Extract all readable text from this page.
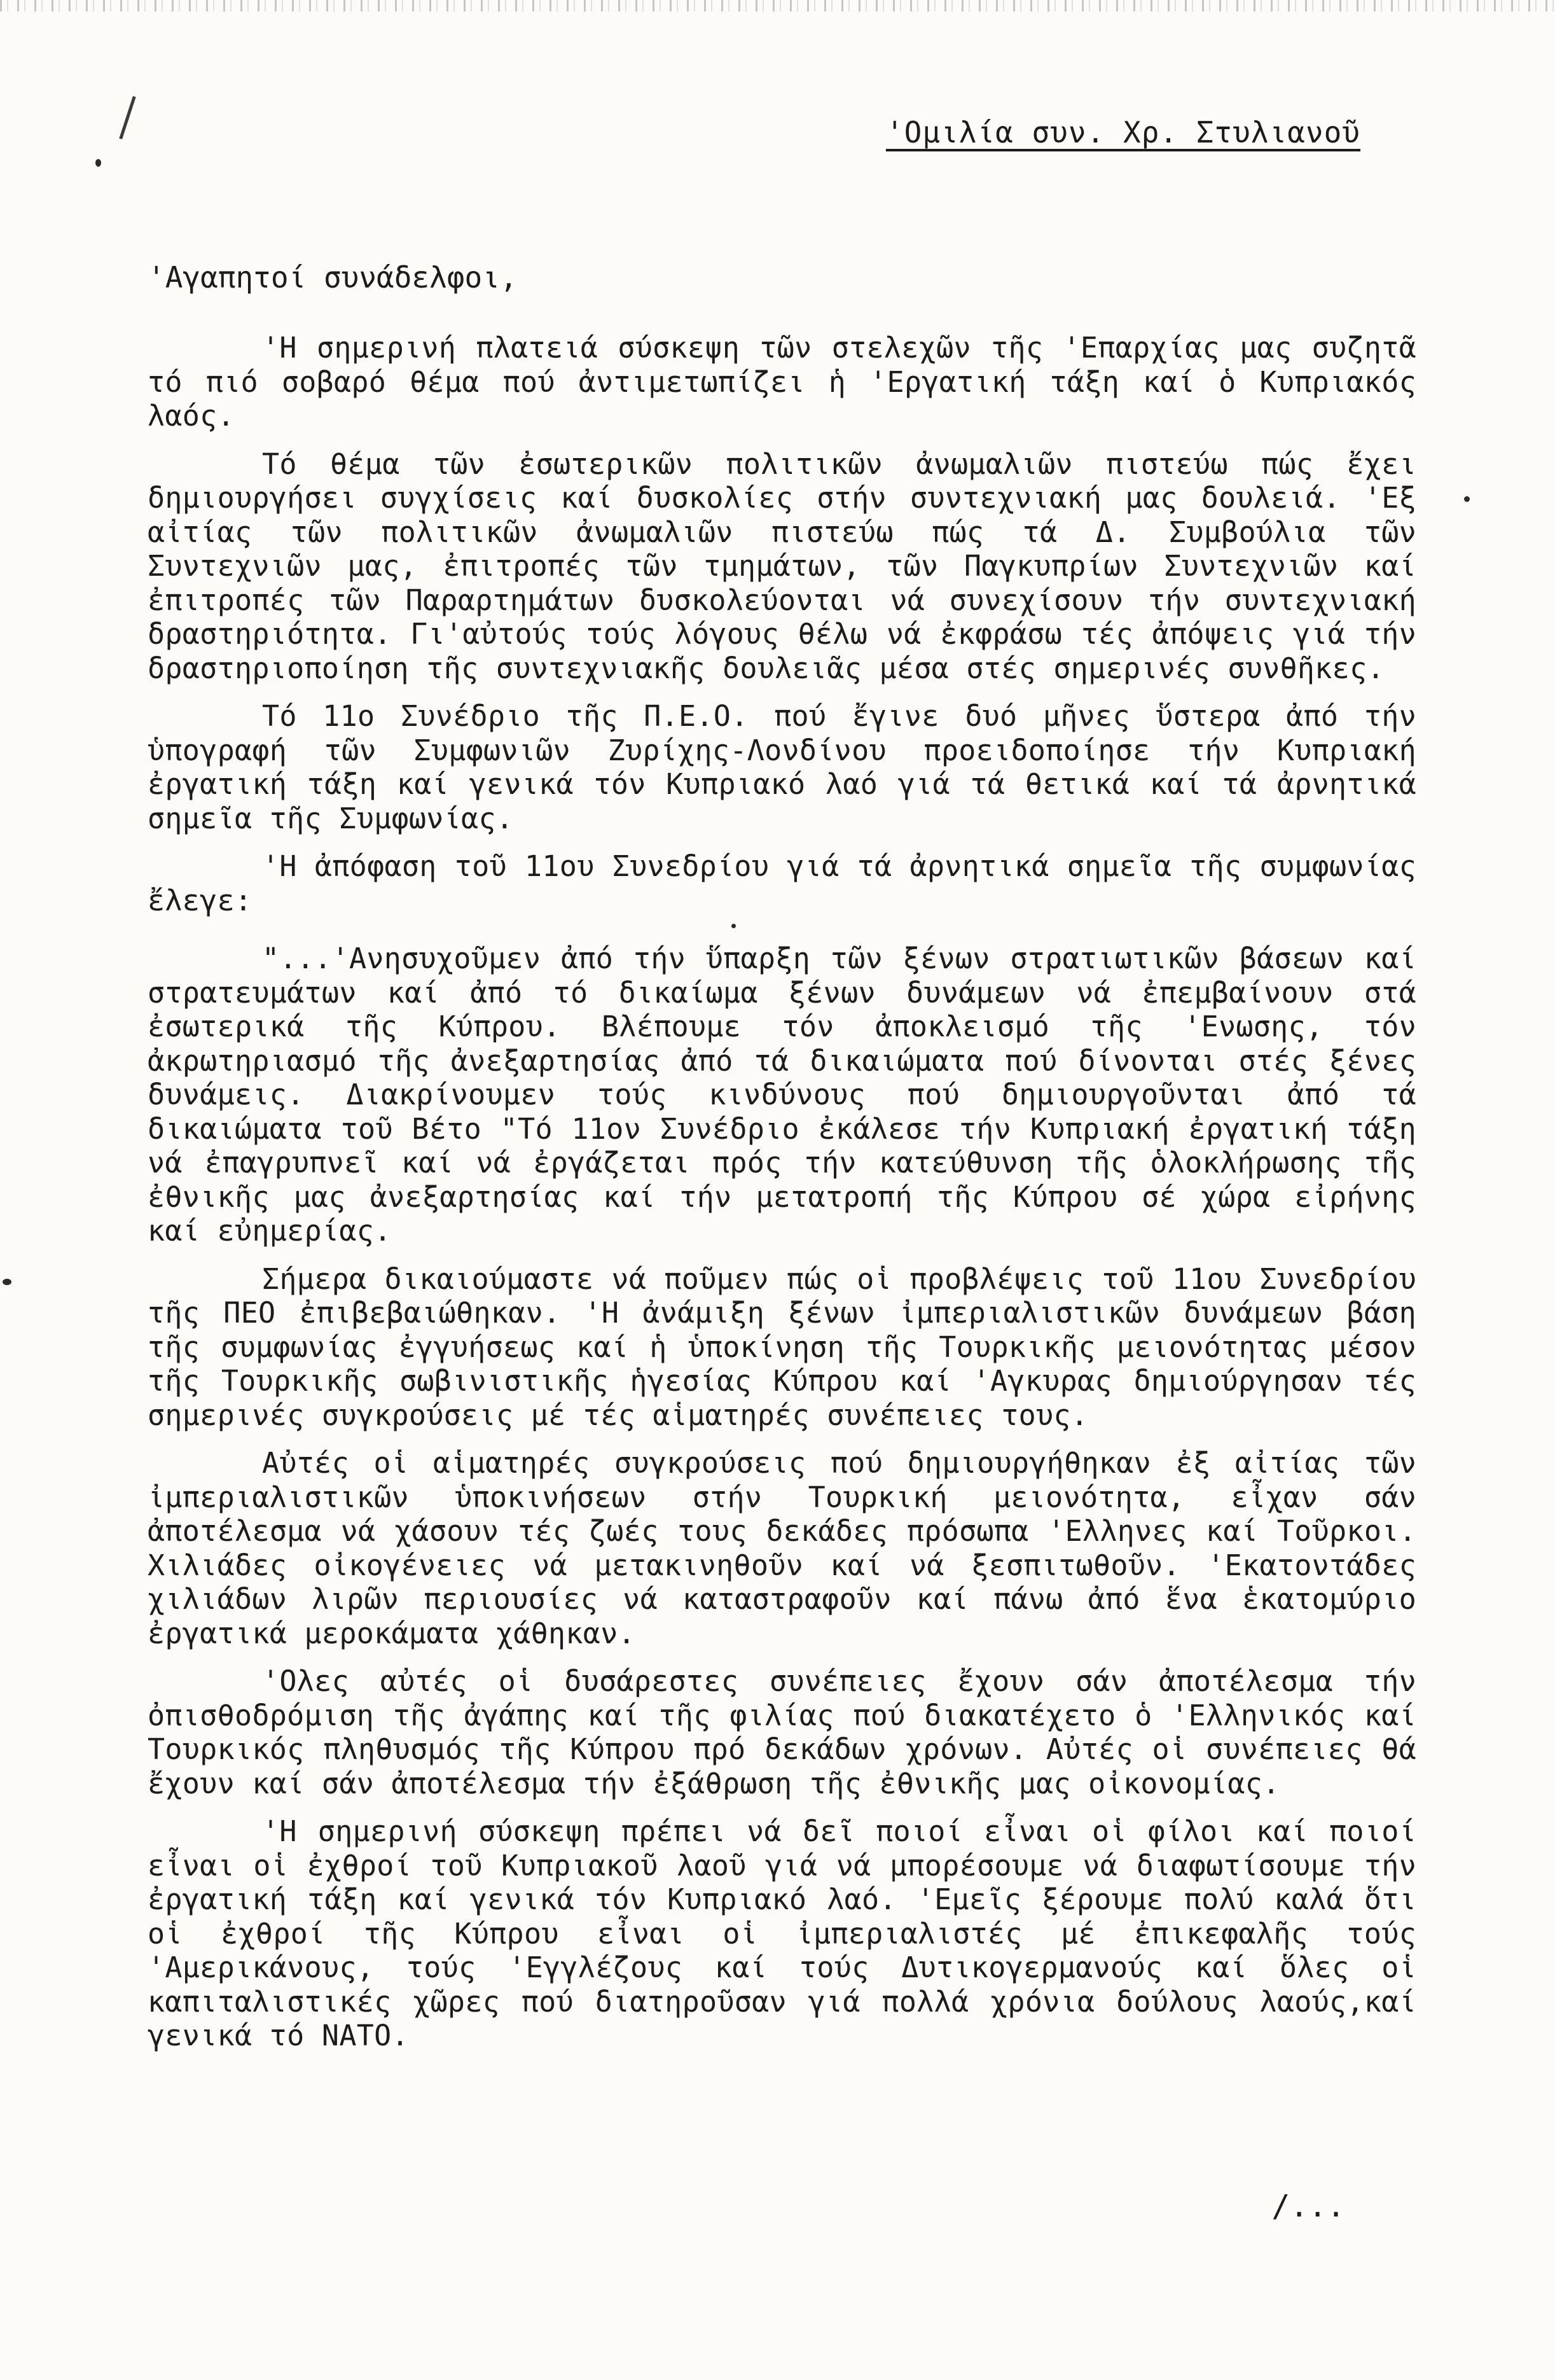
'Ομιλία συν. Χρ. Στυλιανοῦ
'Αγαπητοί συνάδελφοι,

'Η σημερινή πλατειά σύσκεψη τῶν στελεχῶν τῆς 'Επαρχίας μας συζητᾶ τό πιό σοβαρό θέμα πού ἀντιμετωπίζει ἡ 'Εργατική τάξη καί ὁ Κυπριακός λαός.

Τό θέμα τῶν ἐσωτερικῶν πολιτικῶν ἀνωμαλιῶν πιστεύω πώς ἔχει δημιουργήσει συγχίσεις καί δυσκολίες στήν συντεχνιακή μας δουλειά. 'Εξ αἰτίας τῶν πολιτικῶν ἀνωμαλιῶν πιστεύω πώς τά Δ. Συμβούλια τῶν Συντεχνιῶν μας, ἐπιτροπές τῶν τμημάτων, τῶν Παγκυπρίων Συντεχνιῶν καί ἐπιτροπές τῶν Παραρτημάτων δυσκολεύονται νά συνεχίσουν τήν συντεχνιακή δραστηριότητα. Γι'αὐτούς τούς λόγους θέλω νά ἐκφράσω τές ἀπόψεις γιά τήν δραστηριοποίηση τῆς συντεχνιακῆς δουλειᾶς μέσα στές σημερινές συνθῆκες.

Τό 11ο Συνέδριο τῆς Π.Ε.Ο. πού ἔγινε δυό μῆνες ὕστερα ἀπό τήν ὑπογραφή τῶν Συμφωνιῶν Ζυρίχης-Λονδίνου προειδοποίησε τήν Κυπριακή ἐργατική τάξη καί γενικά τόν Κυπριακό λαό γιά τά θετικά καί τά ἀρνητικά σημεῖα τῆς Συμφωνίας.

'Η ἀπόφαση τοῦ 11ου Συνεδρίου γιά τά ἀρνητικά σημεῖα τῆς συμφωνίας ἔλεγε:

"...'Ανησυχοῦμεν ἀπό τήν ὕπαρξη τῶν ξένων στρατιωτικῶν βάσεων καί στρατευμάτων καί ἀπό τό δικαίωμα ξένων δυνάμεων νά ἐπεμβαίνουν στά ἐσωτερικά τῆς Κύπρου. Βλέπουμε τόν ἀποκλεισμό τῆς 'Ενωσης, τόν ἀκρωτηριασμό τῆς ἀνεξαρτησίας ἀπό τά δικαιώματα πού δίνονται στές ξένες δυνάμεις. Διακρίνουμεν τούς κινδύνους πού δημιουργοῦνται ἀπό τά δικαιώματα τοῦ Βέτο "Τό 11ον Συνέδριο ἐκάλεσε τήν Κυπριακή ἐργατική τάξη νά ἐπαγρυπνεῖ καί νά ἐργάζεται πρός τήν κατεύθυνση τῆς ὁλοκλήρωσης τῆς ἐθνικῆς μας ἀνεξαρτησίας καί τήν μετατροπή τῆς Κύπρου σέ χώρα εἰρήνης καί εὐημερίας.

Σήμερα δικαιούμαστε νά ποῦμεν πώς οἱ προβλέψεις τοῦ 11ου Συνεδρίου τῆς ΠΕΟ ἐπιβεβαιώθηκαν. 'Η ἀνάμιξη ξένων ἰμπεριαλιστικῶν δυνάμεων βάση τῆς συμφωνίας ἐγγυήσεως καί ἡ ὑποκίνηση τῆς Τουρκικῆς μειονότητας μέσον τῆς Τουρκικῆς σωβινιστικῆς ἡγεσίας Κύπρου καί 'Αγκυρας δημιούργησαν τές σημερινές συγκρούσεις μέ τές αἱματηρές συνέπειες τους.

Αὐτές οἱ αἱματηρές συγκρούσεις πού δημιουργήθηκαν ἐξ αἰτίας τῶν ἰμπεριαλιστικῶν ὑποκινήσεων στήν Τουρκική μειονότητα, εἶχαν σάν ἀποτέλεσμα νά χάσουν τές ζωές τους δεκάδες πρόσωπα 'Ελληνες καί Τοῦρκοι. Χιλιάδες οἰκογένειες νά μετακινηθοῦν καί νά ξεσπιτωθοῦν. 'Εκατοντάδες χιλιάδων λιρῶν περιουσίες νά καταστραφοῦν καί πάνω ἀπό ἕνα ἑκατομύριο ἐργατικά μεροκάματα χάθηκαν.

'Ολες αὐτές οἱ δυσάρεστες συνέπειες ἔχουν σάν ἀποτέλεσμα τήν ὀπισθοδρόμιση τῆς ἀγάπης καί τῆς φιλίας πού διακατέχετο ὁ 'Ελληνικός καί Τουρκικός πληθυσμός τῆς Κύπρου πρό δεκάδων χρόνων. Αὐτές οἱ συνέπειες θά ἔχουν καί σάν ἀποτέλεσμα τήν ἐξάθρωση τῆς ἐθνικῆς μας οἰκονομίας.

'Η σημερινή σύσκεψη πρέπει νά δεῖ ποιοί εἶναι οἱ φίλοι καί ποιοί εἶναι οἱ ἐχθροί τοῦ Κυπριακοῦ λαοῦ γιά νά μπορέσουμε νά διαφωτίσουμε τήν ἐργατική τάξη καί γενικά τόν Κυπριακό λαό. 'Εμεῖς ξέρουμε πολύ καλά ὅτι οἱ ἐχθροί τῆς Κύπρου εἶναι οἱ ἰμπεριαλιστές μέ ἐπικεφαλῆς τούς 'Αμερικάνους, τούς 'Εγγλέζους καί τούς Δυτικογερμανούς καί ὅλες οἱ καπιταλιστικές χῶρες πού διατηροῦσαν γιά πολλά χρόνια δούλους λαούς,καί γενικά τό ΝΑΤΟ.

/...
